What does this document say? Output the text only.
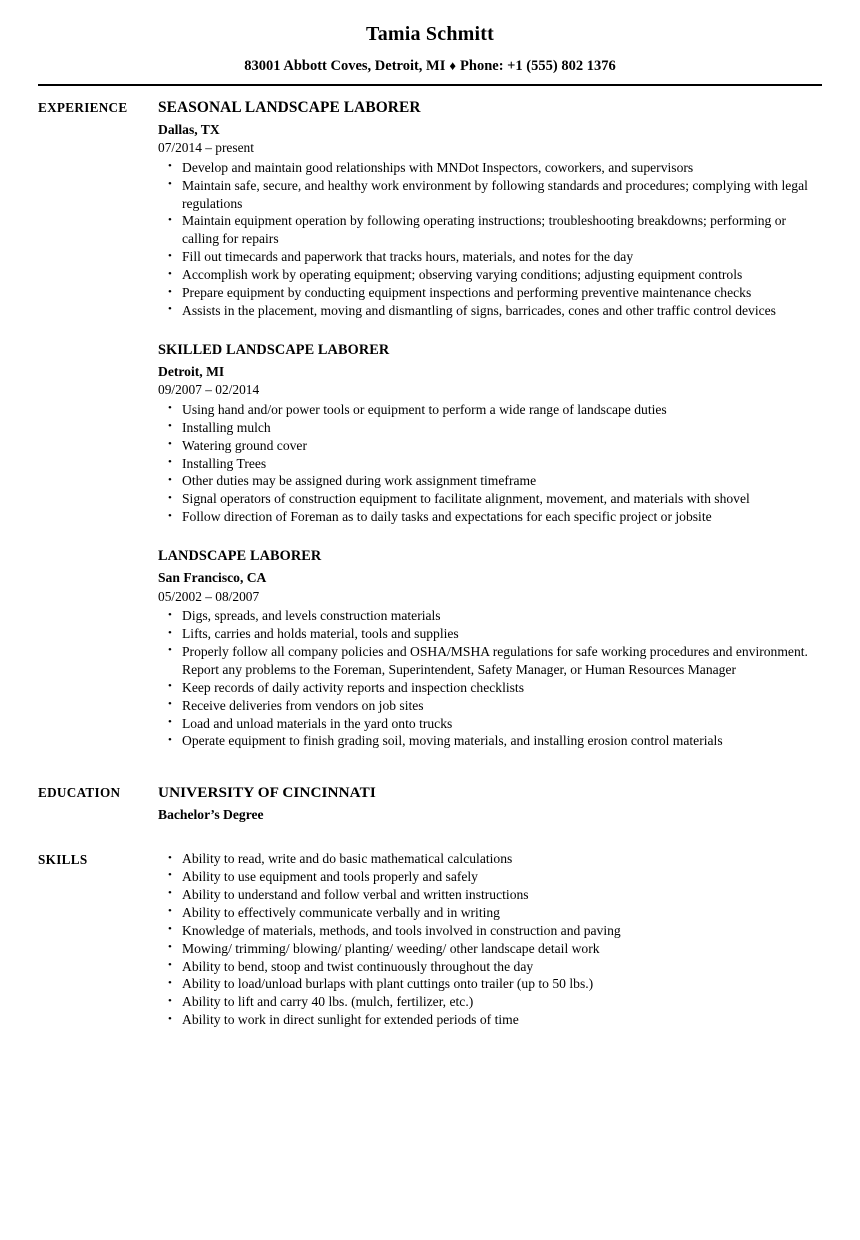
Tamia Schmitt
83001 Abbott Coves, Detroit, MI ♦ Phone: +1 (555) 802 1376
EXPERIENCE	SEASONAL LANDSCAPE LABORER
Dallas, TX
07/2014 – present
• Develop and maintain good relationships with MNDot Inspectors, coworkers, and supervisors
• Maintain safe, secure, and healthy work environment by following standards and procedures; complying with legal regulations
• Maintain equipment operation by following operating instructions; troubleshooting breakdowns; performing or calling for repairs
• Fill out timecards and paperwork that tracks hours, materials, and notes for the day
• Accomplish work by operating equipment; observing varying conditions; adjusting equipment controls
• Prepare equipment by conducting equipment inspections and performing preventive maintenance checks
• Assists in the placement, moving and dismantling of signs, barricades, cones and other traffic control devices
SKILLED LANDSCAPE LABORER
Detroit, MI
09/2007 – 02/2014
• Using hand and/or power tools or equipment to perform a wide range of landscape duties
• Installing mulch
• Watering ground cover
• Installing Trees
• Other duties may be assigned during work assignment timeframe
• Signal operators of construction equipment to facilitate alignment, movement, and materials with shovel
• Follow direction of Foreman as to daily tasks and expectations for each specific project or jobsite
LANDSCAPE LABORER
San Francisco, CA
05/2002 – 08/2007
• Digs, spreads, and levels construction materials
• Lifts, carries and holds material, tools and supplies
• Properly follow all company policies and OSHA/MSHA regulations for safe working procedures and environment. Report any problems to the Foreman, Superintendent, Safety Manager, or Human Resources Manager
• Keep records of daily activity reports and inspection checklists
• Receive deliveries from vendors on job sites
• Load and unload materials in the yard onto trucks
• Operate equipment to finish grading soil, moving materials, and installing erosion control materials
EDUCATION	UNIVERSITY OF CINCINNATI
Bachelor’s Degree
SKILLS	• Ability to read, write and do basic mathematical calculations
• Ability to use equipment and tools properly and safely
• Ability to understand and follow verbal and written instructions
• Ability to effectively communicate verbally and in writing
• Knowledge of materials, methods, and tools involved in construction and paving
• Mowing/ trimming/ blowing/ planting/ weeding/ other landscape detail work
• Ability to bend, stoop and twist continuously throughout the day
• Ability to load/unload burlaps with plant cuttings onto trailer (up to 50 lbs.)
• Ability to lift and carry 40 lbs. (mulch, fertilizer, etc.)
• Ability to work in direct sunlight for extended periods of time
